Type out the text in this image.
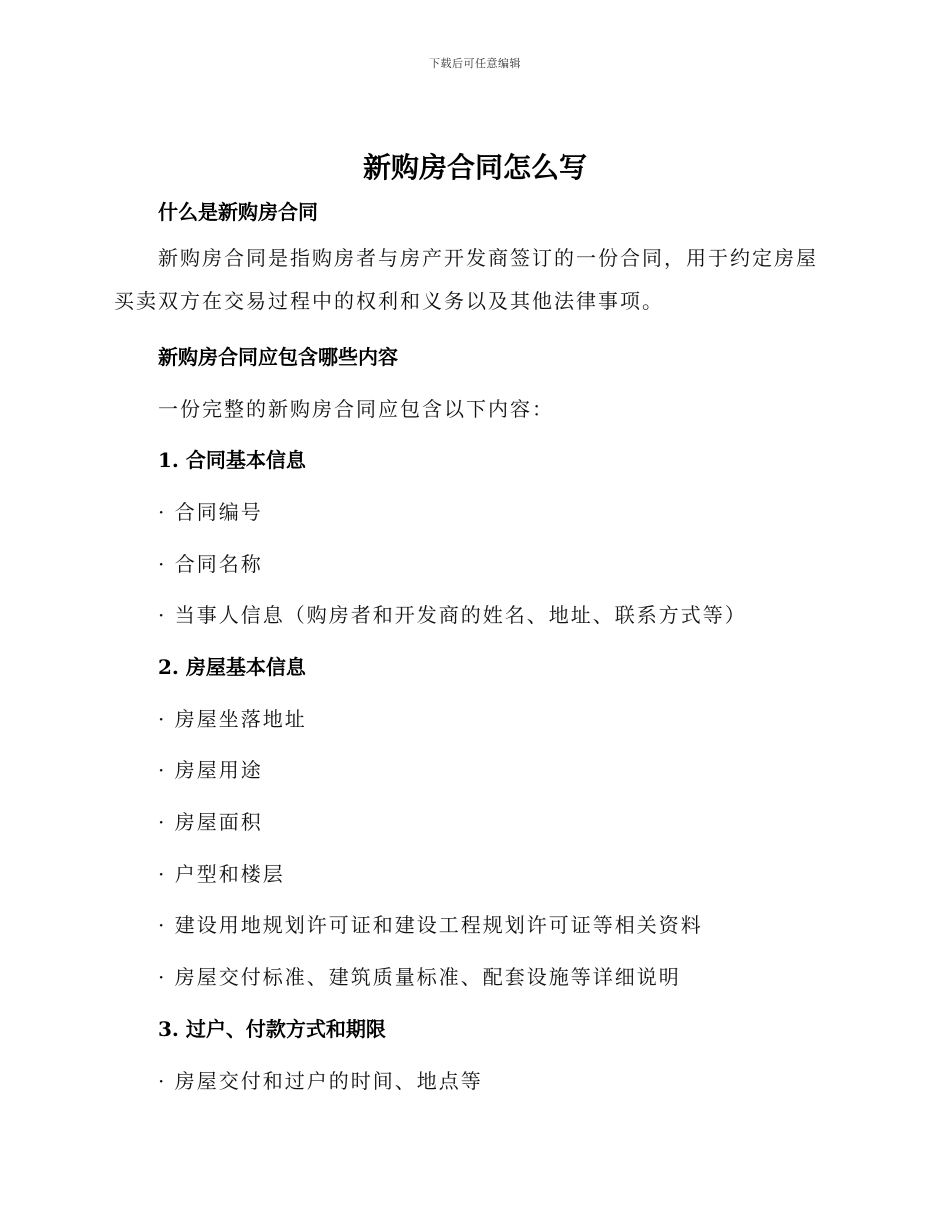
下载后可任意编辑
新购房合同怎么写
什么是新购房合同

新购房合同是指购房者与房产开发商签订的一份合同，用于约定房屋买卖双方在交易过程中的权利和义务以及其他法律事项。

新购房合同应包含哪些内容
一份完整的新购房合同应包含以下内容：
1. 合同基本信息
· 合同编号
· 合同名称
· 当事人信息（购房者和开发商的姓名、地址、联系方式等）
2. 房屋基本信息
· 房屋坐落地址
· 房屋用途
· 房屋面积
· 户型和楼层
· 建设用地规划许可证和建设工程规划许可证等相关资料
· 房屋交付标准、建筑质量标准、配套设施等详细说明
3. 过户、付款方式和期限
· 房屋交付和过户的时间、地点等
